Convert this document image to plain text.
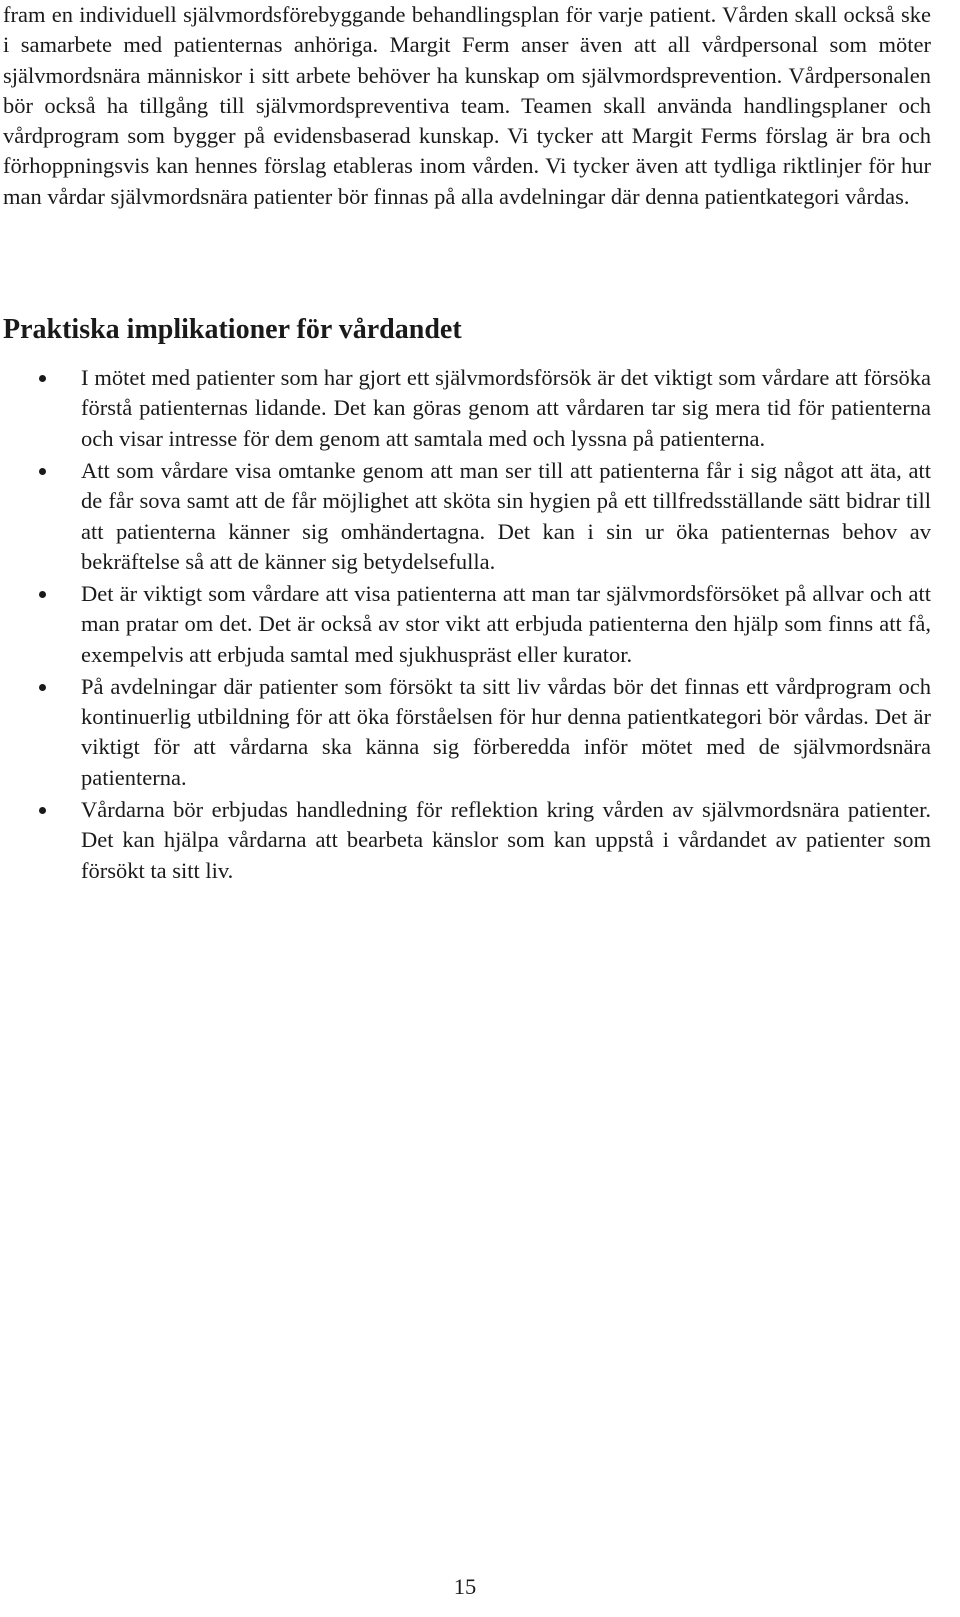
fram en individuell självmordsförebyggande behandlingsplan för varje patient. Vården skall också ske i samarbete med patienternas anhöriga. Margit Ferm anser även att all vårdpersonal som möter självmordsnära människor i sitt arbete behöver ha kunskap om självmordsprevention. Vårdpersonalen bör också ha tillgång till självmordspreventiva team. Teamen skall använda handlingsplaner och vårdprogram som bygger på evidensbaserad kunskap. Vi tycker att Margit Ferms förslag är bra och förhoppningsvis kan hennes förslag etableras inom vården. Vi tycker även att tydliga riktlinjer för hur man vårdar självmordsnära patienter bör finnas på alla avdelningar där denna patientkategori vårdas.

Praktiska implikationer för vårdandet
I mötet med patienter som har gjort ett självmordsförsök är det viktigt som vårdare att försöka förstå patienternas lidande. Det kan göras genom att vårdaren tar sig mera tid för patienterna och visar intresse för dem genom att samtala med och lyssna på patienterna.
Att som vårdare visa omtanke genom att man ser till att patienterna får i sig något att äta, att de får sova samt att de får möjlighet att sköta sin hygien på ett tillfredsställande sätt bidrar till att patienterna känner sig omhändertagna. Det kan i sin ur öka patienternas behov av bekräftelse så att de känner sig betydelsefulla.
Det är viktigt som vårdare att visa patienterna att man tar självmordsförsöket på allvar och att man pratar om det. Det är också av stor vikt att erbjuda patienterna den hjälp som finns att få, exempelvis att erbjuda samtal med sjukhuspräst eller kurator.
På avdelningar där patienter som försökt ta sitt liv vårdas bör det finnas ett vårdprogram och kontinuerlig utbildning för att öka förståelsen för hur denna patientkategori bör vårdas. Det är viktigt för att vårdarna ska känna sig förberedda inför mötet med de självmordsnära patienterna.
Vårdarna bör erbjudas handledning för reflektion kring vården av självmordsnära patienter. Det kan hjälpa vårdarna att bearbeta känslor som kan uppstå i vårdandet av patienter som försökt ta sitt liv.
15
